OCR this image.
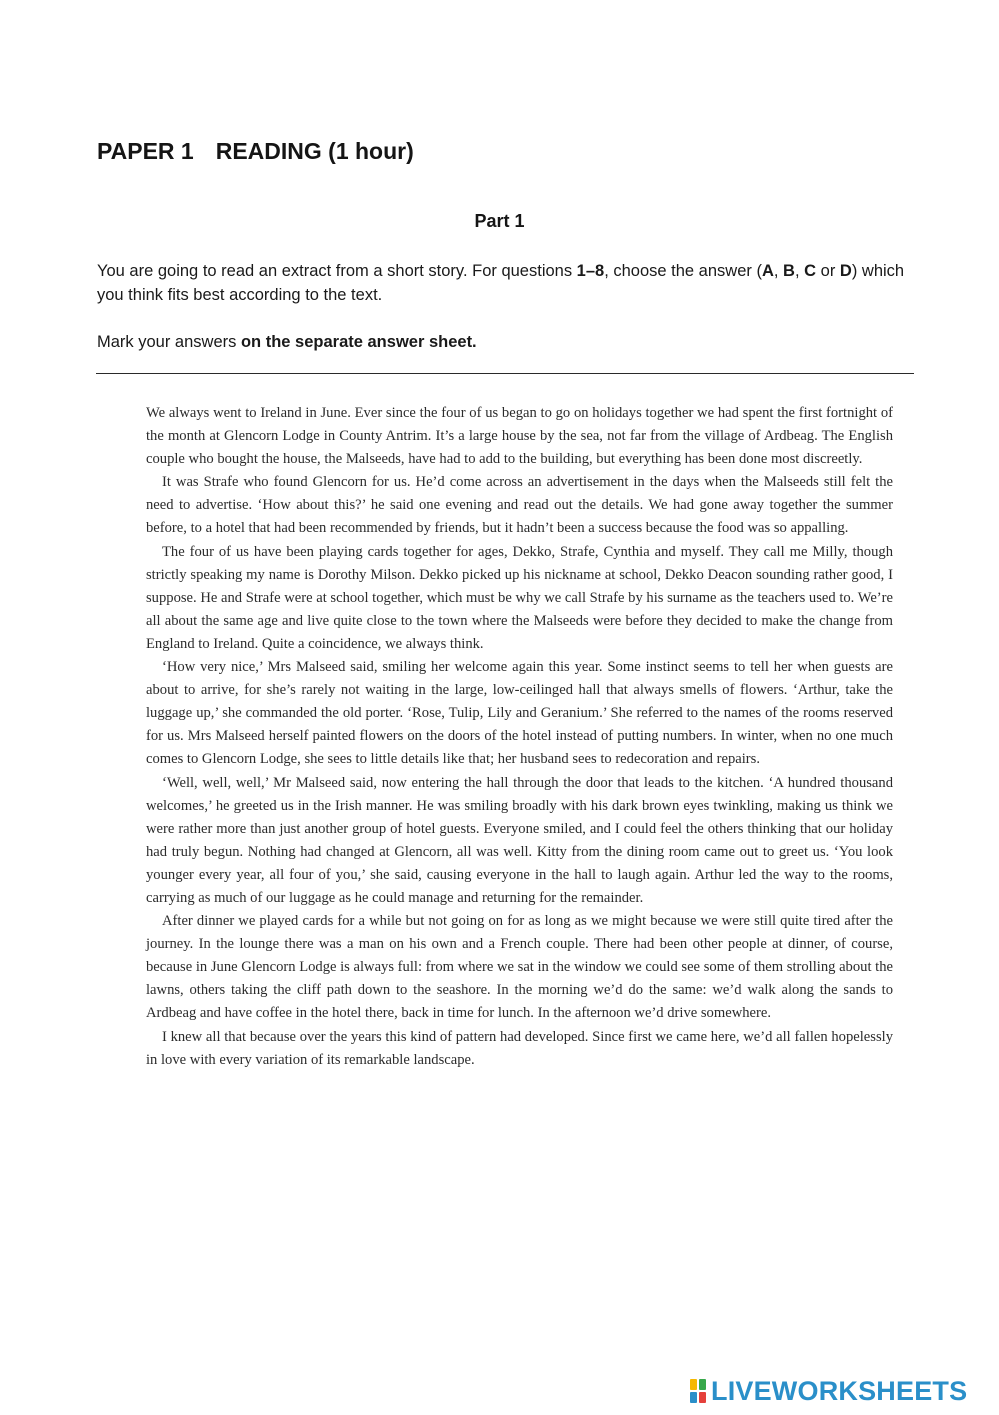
PAPER 1 READING (1 hour)
Part 1

You are going to read an extract from a short story. For questions 1–8, choose the answer (A, B, C or D) which you think fits best according to the text.

Mark your answers on the separate answer sheet.

We always went to Ireland in June. Ever since the four of us began to go on holidays together we had spent the first fortnight of the month at Glencorn Lodge in County Antrim. It’s a large house by the sea, not far from the village of Ardbeag. The English couple who bought the house, the Malseeds, have had to add to the building, but everything has been done most discreetly.

It was Strafe who found Glencorn for us. He’d come across an advertisement in the days when the Malseeds still felt the need to advertise. ‘How about this?’ he said one evening and read out the details. We had gone away together the summer before, to a hotel that had been recommended by friends, but it hadn’t been a success because the food was so appalling.

The four of us have been playing cards together for ages, Dekko, Strafe, Cynthia and myself. They call me Milly, though strictly speaking my name is Dorothy Milson. Dekko picked up his nickname at school, Dekko Deacon sounding rather good, I suppose. He and Strafe were at school together, which must be why we call Strafe by his surname as the teachers used to. We’re all about the same age and live quite close to the town where the Malseeds were before they decided to make the change from England to Ireland. Quite a coincidence, we always think.

‘How very nice,’ Mrs Malseed said, smiling her welcome again this year. Some instinct seems to tell her when guests are about to arrive, for she’s rarely not waiting in the large, low-ceilinged hall that always smells of flowers. ‘Arthur, take the luggage up,’ she commanded the old porter. ‘Rose, Tulip, Lily and Geranium.’ She referred to the names of the rooms reserved for us. Mrs Malseed herself painted flowers on the doors of the hotel instead of putting numbers. In winter, when no one much comes to Glencorn Lodge, she sees to little details like that; her husband sees to redecoration and repairs.

‘Well, well, well,’ Mr Malseed said, now entering the hall through the door that leads to the kitchen. ‘A hundred thousand welcomes,’ he greeted us in the Irish manner. He was smiling broadly with his dark brown eyes twinkling, making us think we were rather more than just another group of hotel guests. Everyone smiled, and I could feel the others thinking that our holiday had truly begun. Nothing had changed at Glencorn, all was well. Kitty from the dining room came out to greet us. ‘You look younger every year, all four of you,’ she said, causing everyone in the hall to laugh again. Arthur led the way to the rooms, carrying as much of our luggage as he could manage and returning for the remainder.

After dinner we played cards for a while but not going on for as long as we might because we were still quite tired after the journey. In the lounge there was a man on his own and a French couple. There had been other people at dinner, of course, because in June Glencorn Lodge is always full: from where we sat in the window we could see some of them strolling about the lawns, others taking the cliff path down to the seashore. In the morning we’d do the same: we’d walk along the sands to Ardbeag and have coffee in the hotel there, back in time for lunch. In the afternoon we’d drive somewhere.

I knew all that because over the years this kind of pattern had developed. Since first we came here, we’d all fallen hopelessly in love with every variation of its remarkable landscape.

LIVEWORKSHEETS
